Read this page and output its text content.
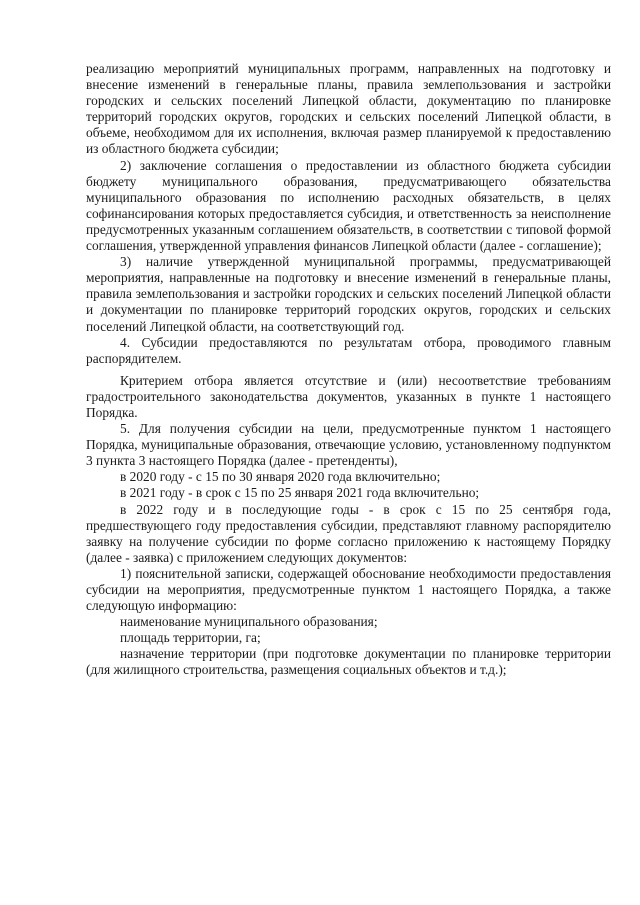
реализацию мероприятий муниципальных программ, направленных на подготовку и внесение изменений в генеральные планы, правила землепользования и застройки городских и сельских поселений Липецкой области, документацию по планировке территорий городских округов, городских и сельских поселений Липецкой области, в объеме, необходимом для их исполнения, включая размер планируемой к предоставлению из областного бюджета субсидии;

2) заключение соглашения о предоставлении из областного бюджета субсидии бюджету муниципального образования, предусматривающего обязательства муниципального образования по исполнению расходных обязательств, в целях софинансирования которых предоставляется субсидия, и ответственность за неисполнение предусмотренных указанным соглашением обязательств, в соответствии с типовой формой соглашения, утвержденной управления финансов Липецкой области (далее - соглашение);

3) наличие утвержденной муниципальной программы, предусматривающей мероприятия, направленные на подготовку и внесение изменений в генеральные планы, правила землепользования и застройки городских и сельских поселений Липецкой области и документации по планировке территорий городских округов, городских и сельских поселений Липецкой области, на соответствующий год.

4. Субсидии предоставляются по результатам отбора, проводимого главным распорядителем.

Критерием отбора является отсутствие и (или) несоответствие требованиям градостроительного законодательства документов, указанных в пункте 1 настоящего Порядка.

5. Для получения субсидии на цели, предусмотренные пунктом 1 настоящего Порядка, муниципальные образования, отвечающие условию, установленному подпунктом 3 пункта 3 настоящего Порядка (далее - претенденты),

в 2020 году - с 15 по 30 января 2020 года включительно;

в 2021 году - в срок с 15 по 25 января 2021 года включительно;

в 2022 году и в последующие годы - в срок с 15 по 25 сентября года, предшествующего году предоставления субсидии, представляют главному распорядителю заявку на получение субсидии по форме согласно приложению к настоящему Порядку (далее - заявка) с приложением следующих документов:

1) пояснительной записки, содержащей обоснование необходимости предоставления субсидии на мероприятия, предусмотренные пунктом 1 настоящего Порядка, а также следующую информацию:

наименование муниципального образования;

площадь территории, га;

назначение территории (при подготовке документации по планировке территории (для жилищного строительства, размещения социальных объектов и т.д.);
